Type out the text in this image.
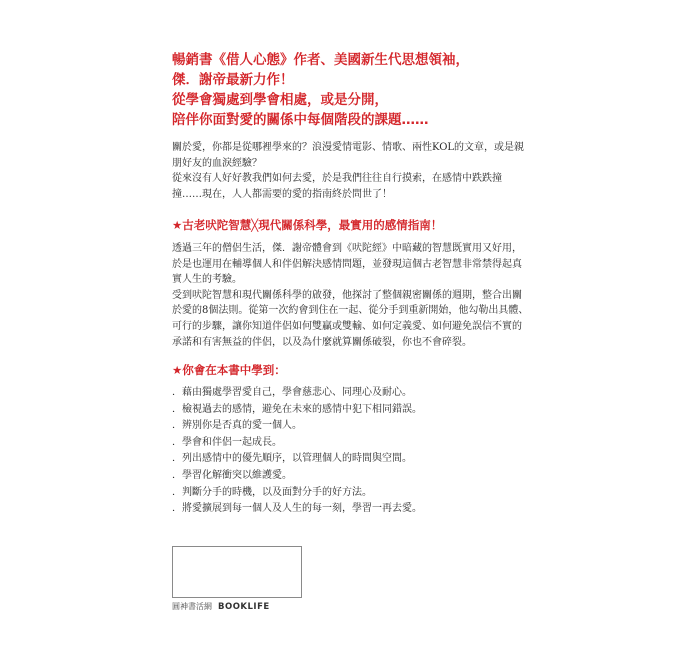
暢銷書《借人心態》作者、美國新生代思想領袖，
傑．謝帝最新力作！
從學會獨處到學會相處，或是分開，
陪伴你面對愛的關係中每個階段的課題……
關於愛，你都是從哪裡學來的？浪漫愛情電影、情歌、兩性KOL的文章，或是親朋好友的血淚經驗？
從來沒有人好好教我們如何去愛，於是我們往往自行摸索，在感情中跌跌撞撞……現在，人人都需要的愛的指南終於問世了！
★古老吠陀智慧╳現代關係科學，最實用的感情指南！
透過三年的僧侶生活，傑．謝帝體會到《吠陀經》中暗藏的智慧既實用又好用，於是也運用在輔導個人和伴侶解決感情問題，並發現這個古老智慧非常禁得起真實人生的考驗。
受到吠陀智慧和現代關係科學的啟發，他探討了整個親密關係的週期，整合出關於愛的8個法則。從第一次約會到住在一起、從分手到重新開始，他勾勒出具體、可行的步驟，讓你知道伴侶如何雙贏或雙輸、如何定義愛、如何避免誤信不實的承諾和有害無益的伴侶，以及為什麼就算關係破裂，你也不會碎裂。
★你會在本書中學到：
．藉由獨處學習愛自己，學會慈悲心、同理心及耐心。
．檢視過去的感情，避免在未來的感情中犯下相同錯誤。
．辨別你是否真的愛一個人。
．學會和伴侶一起成長。
．列出感情中的優先順序，以管理個人的時間與空間。
．學習化解衝突以維護愛。
．判斷分手的時機，以及面對分手的好方法。
．將愛擴展到每一個人及人生的每一刻，學習一再去愛。
圓神書活網 BOOKLIFE
